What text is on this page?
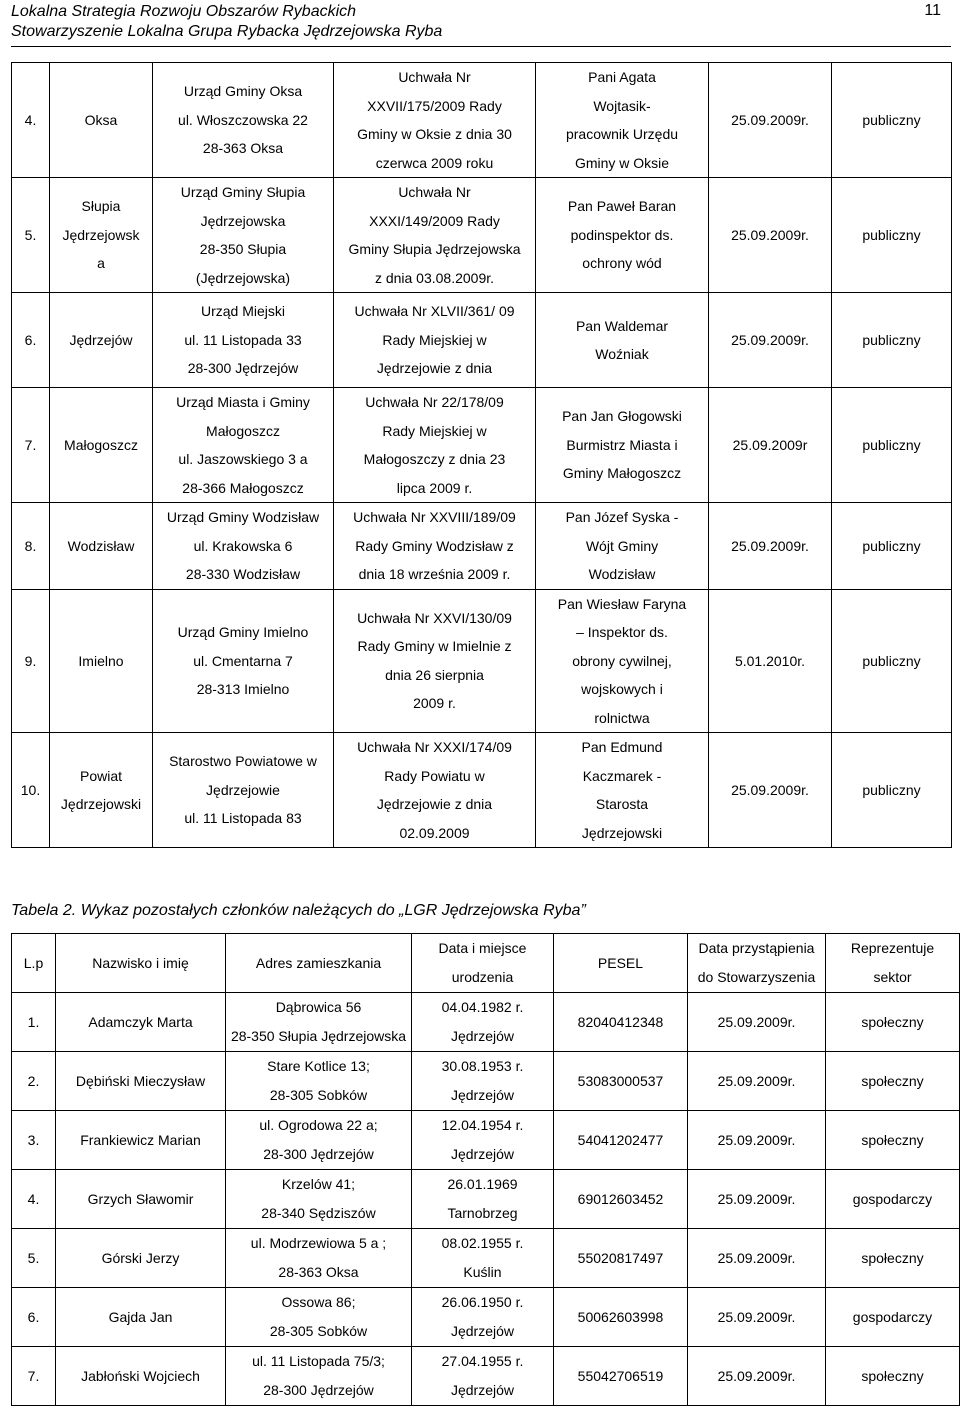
Lokalna Strategia Rozwoju Obszarów Rybackich
Stowarzyszenie Lokalna Grupa Rybacka Jędrzejowska Ryba
11
4.	Oksa	Urząd Gminy Oksa
ul. Włoszczowska 22
28-363 Oksa	Uchwała Nr
XXVII/175/2009 Rady
Gminy w Oksie z dnia 30
czerwca 2009 roku	Pani Agata
Wojtasik-
pracownik Urzędu
Gminy w Oksie	25.09.2009r.	publiczny
5.	Słupia
Jędrzejowsk
a	Urząd Gminy Słupia
Jędrzejowska
28-350 Słupia
(Jędrzejowska)	Uchwała Nr
XXXI/149/2009 Rady
Gminy Słupia Jędrzejowska
z dnia 03.08.2009r.	Pan Paweł Baran
podinspektor ds.
ochrony wód	25.09.2009r.	publiczny
6.	Jędrzejów	Urząd Miejski
ul. 11 Listopada 33
28-300 Jędrzejów	Uchwała Nr XLVII/361/ 09
Rady Miejskiej w
Jędrzejowie z dnia	Pan Waldemar
Woźniak	25.09.2009r.	publiczny
7.	Małogoszcz	Urząd Miasta i Gminy
Małogoszcz
ul. Jaszowskiego 3 a
28-366 Małogoszcz	Uchwała Nr 22/178/09
Rady Miejskiej w
Małogoszczy z dnia 23
lipca 2009 r.	Pan Jan Głogowski
Burmistrz Miasta i
Gminy Małogoszcz	25.09.2009r	publiczny
8.	Wodzisław	Urząd Gminy Wodzisław
ul. Krakowska 6
28-330 Wodzisław	Uchwała Nr XXVIII/189/09
Rady Gminy Wodzisław z
dnia 18 września 2009 r.	Pan Józef Syska -
Wójt Gminy
Wodzisław	25.09.2009r.	publiczny
9.	Imielno	Urząd Gminy Imielno
ul. Cmentarna 7
28-313 Imielno	Uchwała Nr XXVI/130/09
Rady Gminy w Imielnie z
dnia 26 sierpnia
2009 r.	Pan Wiesław Faryna
– Inspektor ds.
obrony cywilnej,
wojskowych i
rolnictwa	5.01.2010r.	publiczny
10.	Powiat
Jędrzejowski	Starostwo Powiatowe w
Jędrzejowie
ul. 11 Listopada 83	Uchwała Nr XXXI/174/09
Rady Powiatu w
Jędrzejowie z dnia
02.09.2009	Pan Edmund
Kaczmarek -
Starosta
Jędrzejowski	25.09.2009r.	publiczny
Tabela 2. Wykaz pozostałych członków należących do „LGR Jędrzejowska Ryba”
L.p	Nazwisko i imię	Adres zamieszkania	Data i miejsce
urodzenia	PESEL	Data przystąpienia
do Stowarzyszenia	Reprezentuje
sektor
1.	Adamczyk Marta	Dąbrowica 56
28-350 Słupia Jędrzejowska	04.04.1982 r.
Jędrzejów	82040412348	25.09.2009r.	społeczny
2.	Dębiński Mieczysław	Stare Kotlice 13;
28-305 Sobków	30.08.1953 r.
Jędrzejów	53083000537	25.09.2009r.	społeczny
3.	Frankiewicz Marian	ul. Ogrodowa 22 a;
28-300 Jędrzejów	12.04.1954 r.
Jędrzejów	54041202477	25.09.2009r.	społeczny
4.	Grzych Sławomir	Krzelów 41;
28-340 Sędziszów	26.01.1969
Tarnobrzeg	69012603452	25.09.2009r.	gospodarczy
5.	Górski Jerzy	ul. Modrzewiowa 5 a ;
28-363 Oksa	08.02.1955 r.
Kuślin	55020817497	25.09.2009r.	społeczny
6.	Gajda Jan	Ossowa 86;
28-305 Sobków	26.06.1950 r.
Jędrzejów	50062603998	25.09.2009r.	gospodarczy
7.	Jabłoński Wojciech	ul. 11 Listopada 75/3;
28-300 Jędrzejów	27.04.1955 r.
Jędrzejów	55042706519	25.09.2009r.	społeczny
